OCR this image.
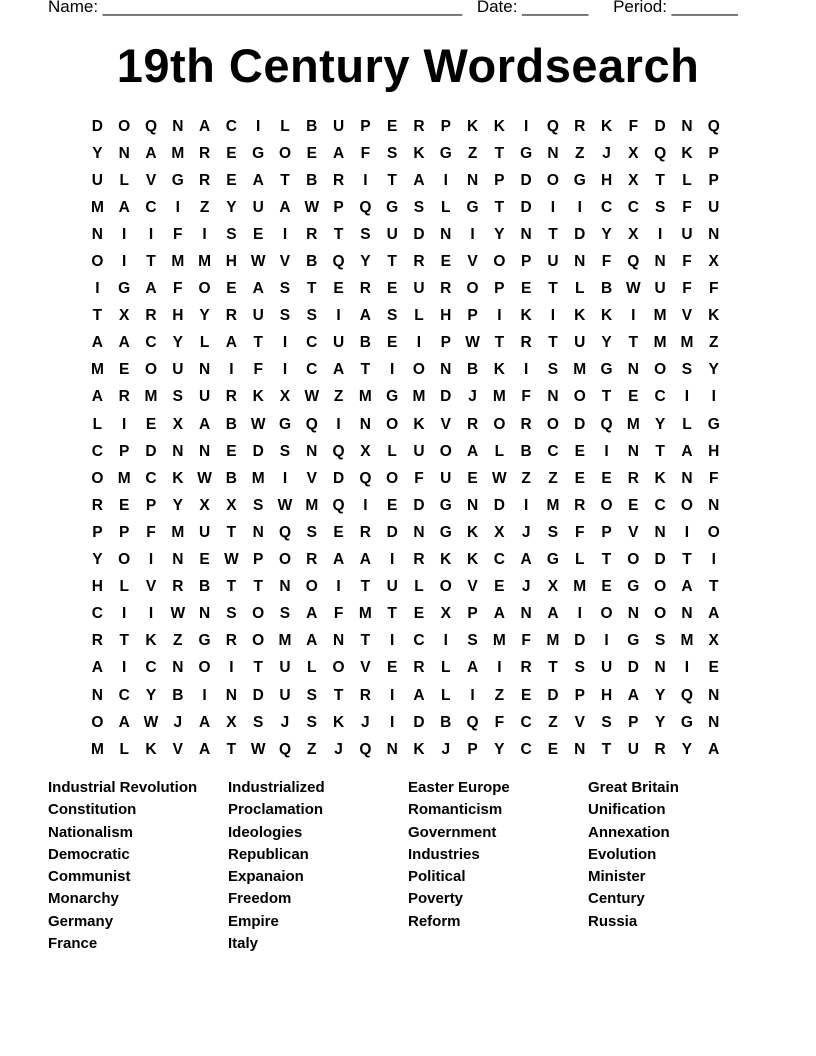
Name: ______________________________________ Date: _______ Period: _______
19th Century Wordsearch
D	O	Q	N	A	C	I	L	B	U	P	E	R	P	K	K	I	Q	R	K	F	D	N	Q
Y	N	A	M	R	E	G	O	E	A	F	S	K	G	Z	T	G	N	Z	J	X	Q	K	P
U	L	V	G	R	E	A	T	B	R	I	T	A	I	N	P	D	O	G	H	X	T	L	P
M	A	C	I	Z	Y	U	A	W	P	Q	G	S	L	G	T	D	I	I	C	C	S	F	U
N	I	I	F	I	S	E	I	R	T	S	U	D	N	I	Y	N	T	D	Y	X	I	U	N
O	I	T	M	M	H	W	V	B	Q	Y	T	R	E	V	O	P	U	N	F	Q	N	F	X
I	G	A	F	O	E	A	S	T	E	R	E	U	R	O	P	E	T	L	B	W	U	F	F
T	X	R	H	Y	R	U	S	S	I	A	S	L	H	P	I	K	I	K	K	I	M	V	K
A	A	C	Y	L	A	T	I	C	U	B	E	I	P	W	T	R	T	U	Y	T	M	M	Z
M	E	O	U	N	I	F	I	C	A	T	I	O	N	B	K	I	S	M	G	N	O	S	Y
A	R	M	S	U	R	K	X	W	Z	M	G	M	D	J	M	F	N	O	T	E	C	I	I
L	I	E	X	A	B	W	G	Q	I	N	O	K	V	R	O	R	O	D	Q	M	Y	L	G
C	P	D	N	N	E	D	S	N	Q	X	L	U	O	A	L	B	C	E	I	N	T	A	H
O	M	C	K	W	B	M	I	V	D	Q	O	F	U	E	W	Z	Z	E	E	R	K	N	F
R	E	P	Y	X	X	S	W	M	Q	I	E	D	G	N	D	I	M	R	O	E	C	O	N
P	P	F	M	U	T	N	Q	S	E	R	D	N	G	K	X	J	S	F	P	V	N	I	O
Y	O	I	N	E	W	P	O	R	A	A	I	R	K	K	C	A	G	L	T	O	D	T	I
H	L	V	R	B	T	T	N	O	I	T	U	L	O	V	E	J	X	M	E	G	O	A	T
C	I	I	W	N	S	O	S	A	F	M	T	E	X	P	A	N	A	I	O	N	O	N	A
R	T	K	Z	G	R	O	M	A	N	T	I	C	I	S	M	F	M	D	I	G	S	M	X
A	I	C	N	O	I	T	U	L	O	V	E	R	L	A	I	R	T	S	U	D	N	I	E
N	C	Y	B	I	N	D	U	S	T	R	I	A	L	I	Z	E	D	P	H	A	Y	Q	N
O	A	W	J	A	X	S	J	S	K	J	I	D	B	Q	F	C	Z	V	S	P	Y	G	N
M	L	K	V	A	T	W	Q	Z	J	Q	N	K	J	P	Y	C	E	N	T	U	R	Y	A
Industrial Revolution
Constitution
Nationalism
Democratic
Communist
Monarchy
Germany
France
Industrialized
Proclamation
Ideologies
Republican
Expanaion
Freedom
Empire
Italy
Easter Europe
Romanticism
Government
Industries
Political
Poverty
Reform
Great Britain
Unification
Annexation
Evolution
Minister
Century
Russia
